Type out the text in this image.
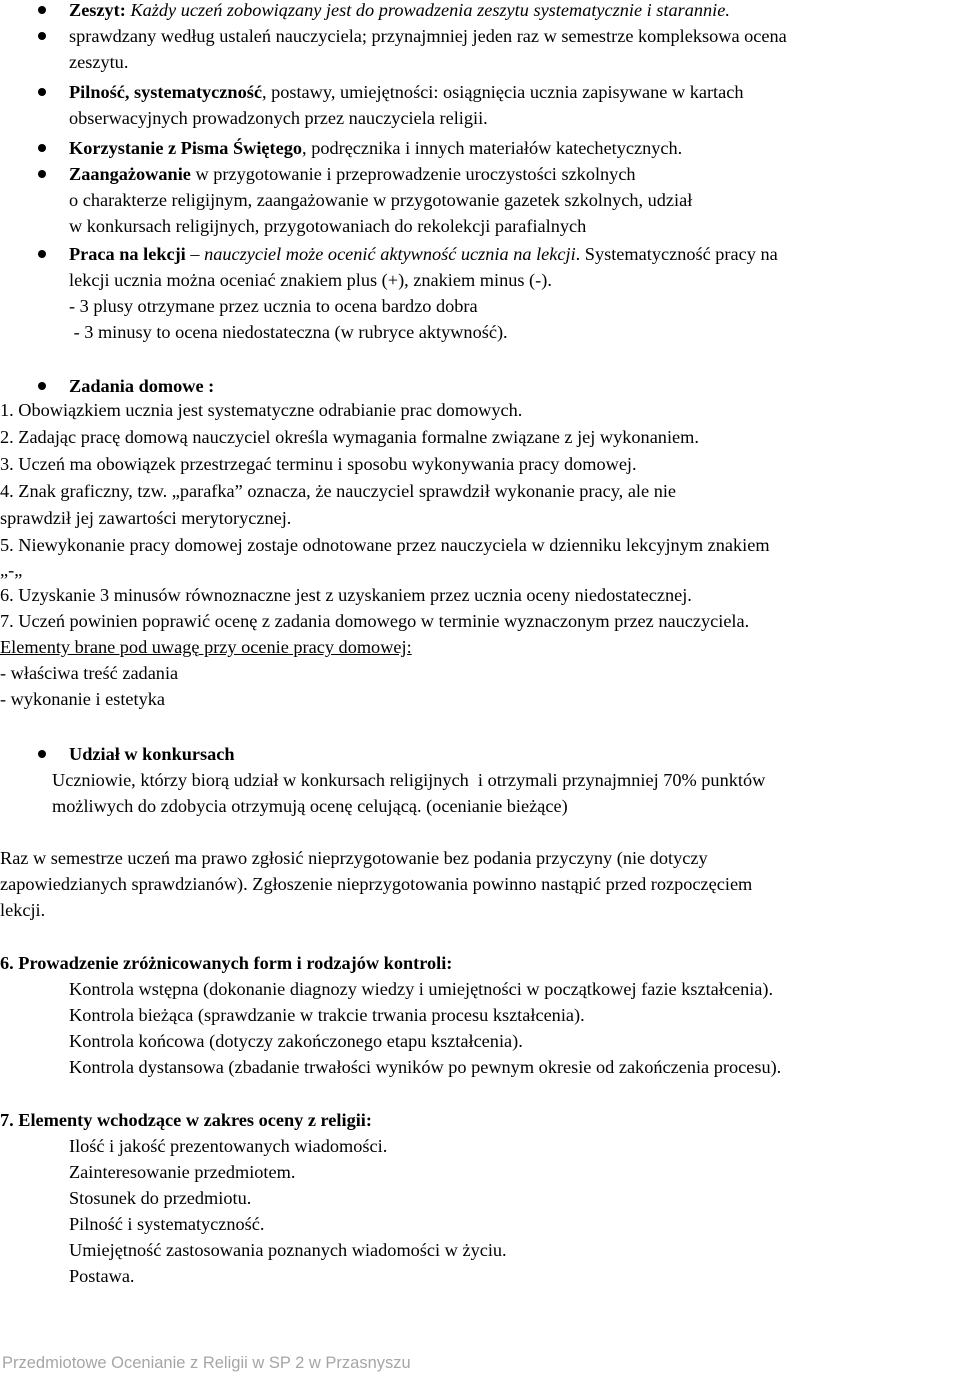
Zeszyt: Każdy uczeń zobowiązany jest do prowadzenia zeszytu systematycznie i starannie.
sprawdzany według ustaleń nauczyciela; przynajmniej jeden raz w semestrze kompleksowa ocena
zeszytu.
Pilność, systematyczność, postawy, umiejętności: osiągnięcia ucznia zapisywane w kartach
obserwacyjnych prowadzonych przez nauczyciela religii.
Korzystanie z Pisma Świętego, podręcznika i innych materiałów katechetycznych.
Zaangażowanie w przygotowanie i przeprowadzenie uroczystości szkolnych
o charakterze religijnym, zaangażowanie w przygotowanie gazetek szkolnych, udział
w konkursach religijnych, przygotowaniach do rekolekcji parafialnych
Praca na lekcji – nauczyciel może ocenić aktywność ucznia na lekcji. Systematyczność pracy na
lekcji ucznia można oceniać znakiem plus (+), znakiem minus (-).
- 3 plusy otrzymane przez ucznia to ocena bardzo dobra
- 3 minusy to ocena niedostateczna (w rubryce aktywność).
Zadania domowe :
1. Obowiązkiem ucznia jest systematyczne odrabianie prac domowych.
2. Zadając pracę domową nauczyciel określa wymagania formalne związane z jej wykonaniem.
3. Uczeń ma obowiązek przestrzegać terminu i sposobu wykonywania pracy domowej.
4. Znak graficzny, tzw. „parafka” oznacza, że nauczyciel sprawdził wykonanie pracy, ale nie
sprawdził jej zawartości merytorycznej.
5. Niewykonanie pracy domowej zostaje odnotowane przez nauczyciela w dzienniku lekcyjnym znakiem
„-„
6. Uzyskanie 3 minusów równoznaczne jest z uzyskaniem przez ucznia oceny niedostatecznej.
7. Uczeń powinien poprawić ocenę z zadania domowego w terminie wyznaczonym przez nauczyciela.
Elementy brane pod uwagę przy ocenie pracy domowej:
- właściwa treść zadania
- wykonanie i estetyka
Udział w konkursach
Uczniowie, którzy biorą udział w konkursach religijnych  i otrzymali przynajmniej 70% punktów
możliwych do zdobycia otrzymują ocenę celującą. (ocenianie bieżące)
Raz w semestrze uczeń ma prawo zgłosić nieprzygotowanie bez podania przyczyny (nie dotyczy
zapowiedzianych sprawdzianów). Zgłoszenie nieprzygotowania powinno nastąpić przed rozpoczęciem
lekcji.
6. Prowadzenie zróżnicowanych form i rodzajów kontroli:
Kontrola wstępna (dokonanie diagnozy wiedzy i umiejętności w początkowej fazie kształcenia).
Kontrola bieżąca (sprawdzanie w trakcie trwania procesu kształcenia).
Kontrola końcowa (dotyczy zakończonego etapu kształcenia).
Kontrola dystansowa (zbadanie trwałości wyników po pewnym okresie od zakończenia procesu).
7. Elementy wchodzące w zakres oceny z religii:
Ilość i jakość prezentowanych wiadomości.
Zainteresowanie przedmiotem.
Stosunek do przedmiotu.
Pilność i systematyczność.
Umiejętność zastosowania poznanych wiadomości w życiu.
Postawa.
Przedmiotowe Ocenianie z Religii w SP 2 w Przasnyszu
